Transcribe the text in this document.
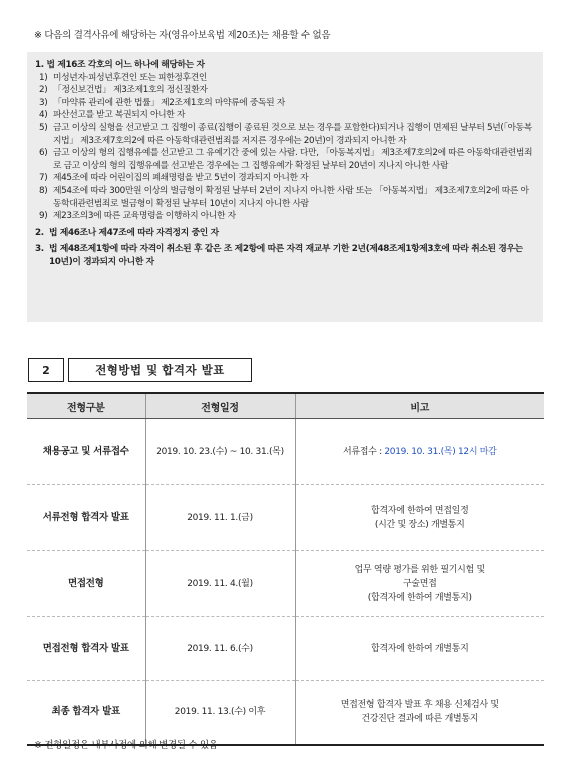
※ 다음의 결격사유에 해당하는 자(영유아보육법 제20조)는 채용할 수 없음
1. 법 제16조 각호의 어느 하나에 해당하는 자
1) 미성년자·피성년후견인 또는 피한정후견인
2) 「정신보건법」 제3조제1호의 정신질환자
3) 「마약류 관리에 관한 법률」 제2조제1호의 마약류에 중독된 자
4) 파산선고를 받고 복권되지 아니한 자
5) 금고 이상의 실형을 선고받고 그 집행이 종료(집행이 종료된 것으로 보는 경우를 포함한다)되거나 집행이 면제된 날부터 5년(「아동복지법」 제3조제7호의2에 따른 아동학대관련범죄를 저지른 경우에는 20년)이 경과되지 아니한 자
6) 금고 이상의 형의 집행유예를 선고받고 그 유예기간 중에 있는 사람. 다만, 「아동복지법」 제3조제7호의2에 따른 아동학대관련범죄로 금고 이상의 형의 집행유예를 선고받은 경우에는 그 집행유예가 확정된 날부터 20년이 지나지 아니한 사람
7) 제45조에 따라 어린이집의 폐쇄명령을 받고 5년이 경과되지 아니한 자
8) 제54조에 따라 300만원 이상의 벌금형이 확정된 날부터 2년이 지나지 아니한 사람 또는 「아동복지법」 제3조제7호의2에 따른 아동학대관련범죄로 벌금형이 확정된 날부터 10년이 지나지 아니한 사람
9) 제23조의3에 따른 교육명령을 이행하지 아니한 자
2. 법 제46조나 제47조에 따라 자격정지 중인 자
3. 법 제48조제1항에 따라 자격이 취소된 후 같은 조 제2항에 따른 자격 재교부 기한 2년(제48조제1항제3호에 따라 취소된 경우는 10년)이 경과되지 아니한 자
2	전형방법 및 합격자 발표
전형구분	전형일정	비고
채용공고 및 서류접수	2019. 10. 23.(수) ~ 10. 31.(목)	서류접수 : 2019. 10. 31.(목) 12시 마감
서류전형 합격자 발표	2019. 11. 1.(금)	합격자에 한하여 면접일정
(시간 및 장소) 개별통지

면접전형	2019. 11. 4.(월)	업무 역량 평가를 위한 필기시험 및
구술면접
(합격자에 한하여 개별통지)

면접전형 합격자 발표	2019. 11. 6.(수)	합격자에 한하여 개별통지

최종 합격자 발표	2019. 11. 13.(수) 이후	면접전형 합격자 발표 후 채용 신체검사 및
건강진단 결과에 따른 개별통지
※ 전형일정은 내부사정에 의해 변경될 수 있음
